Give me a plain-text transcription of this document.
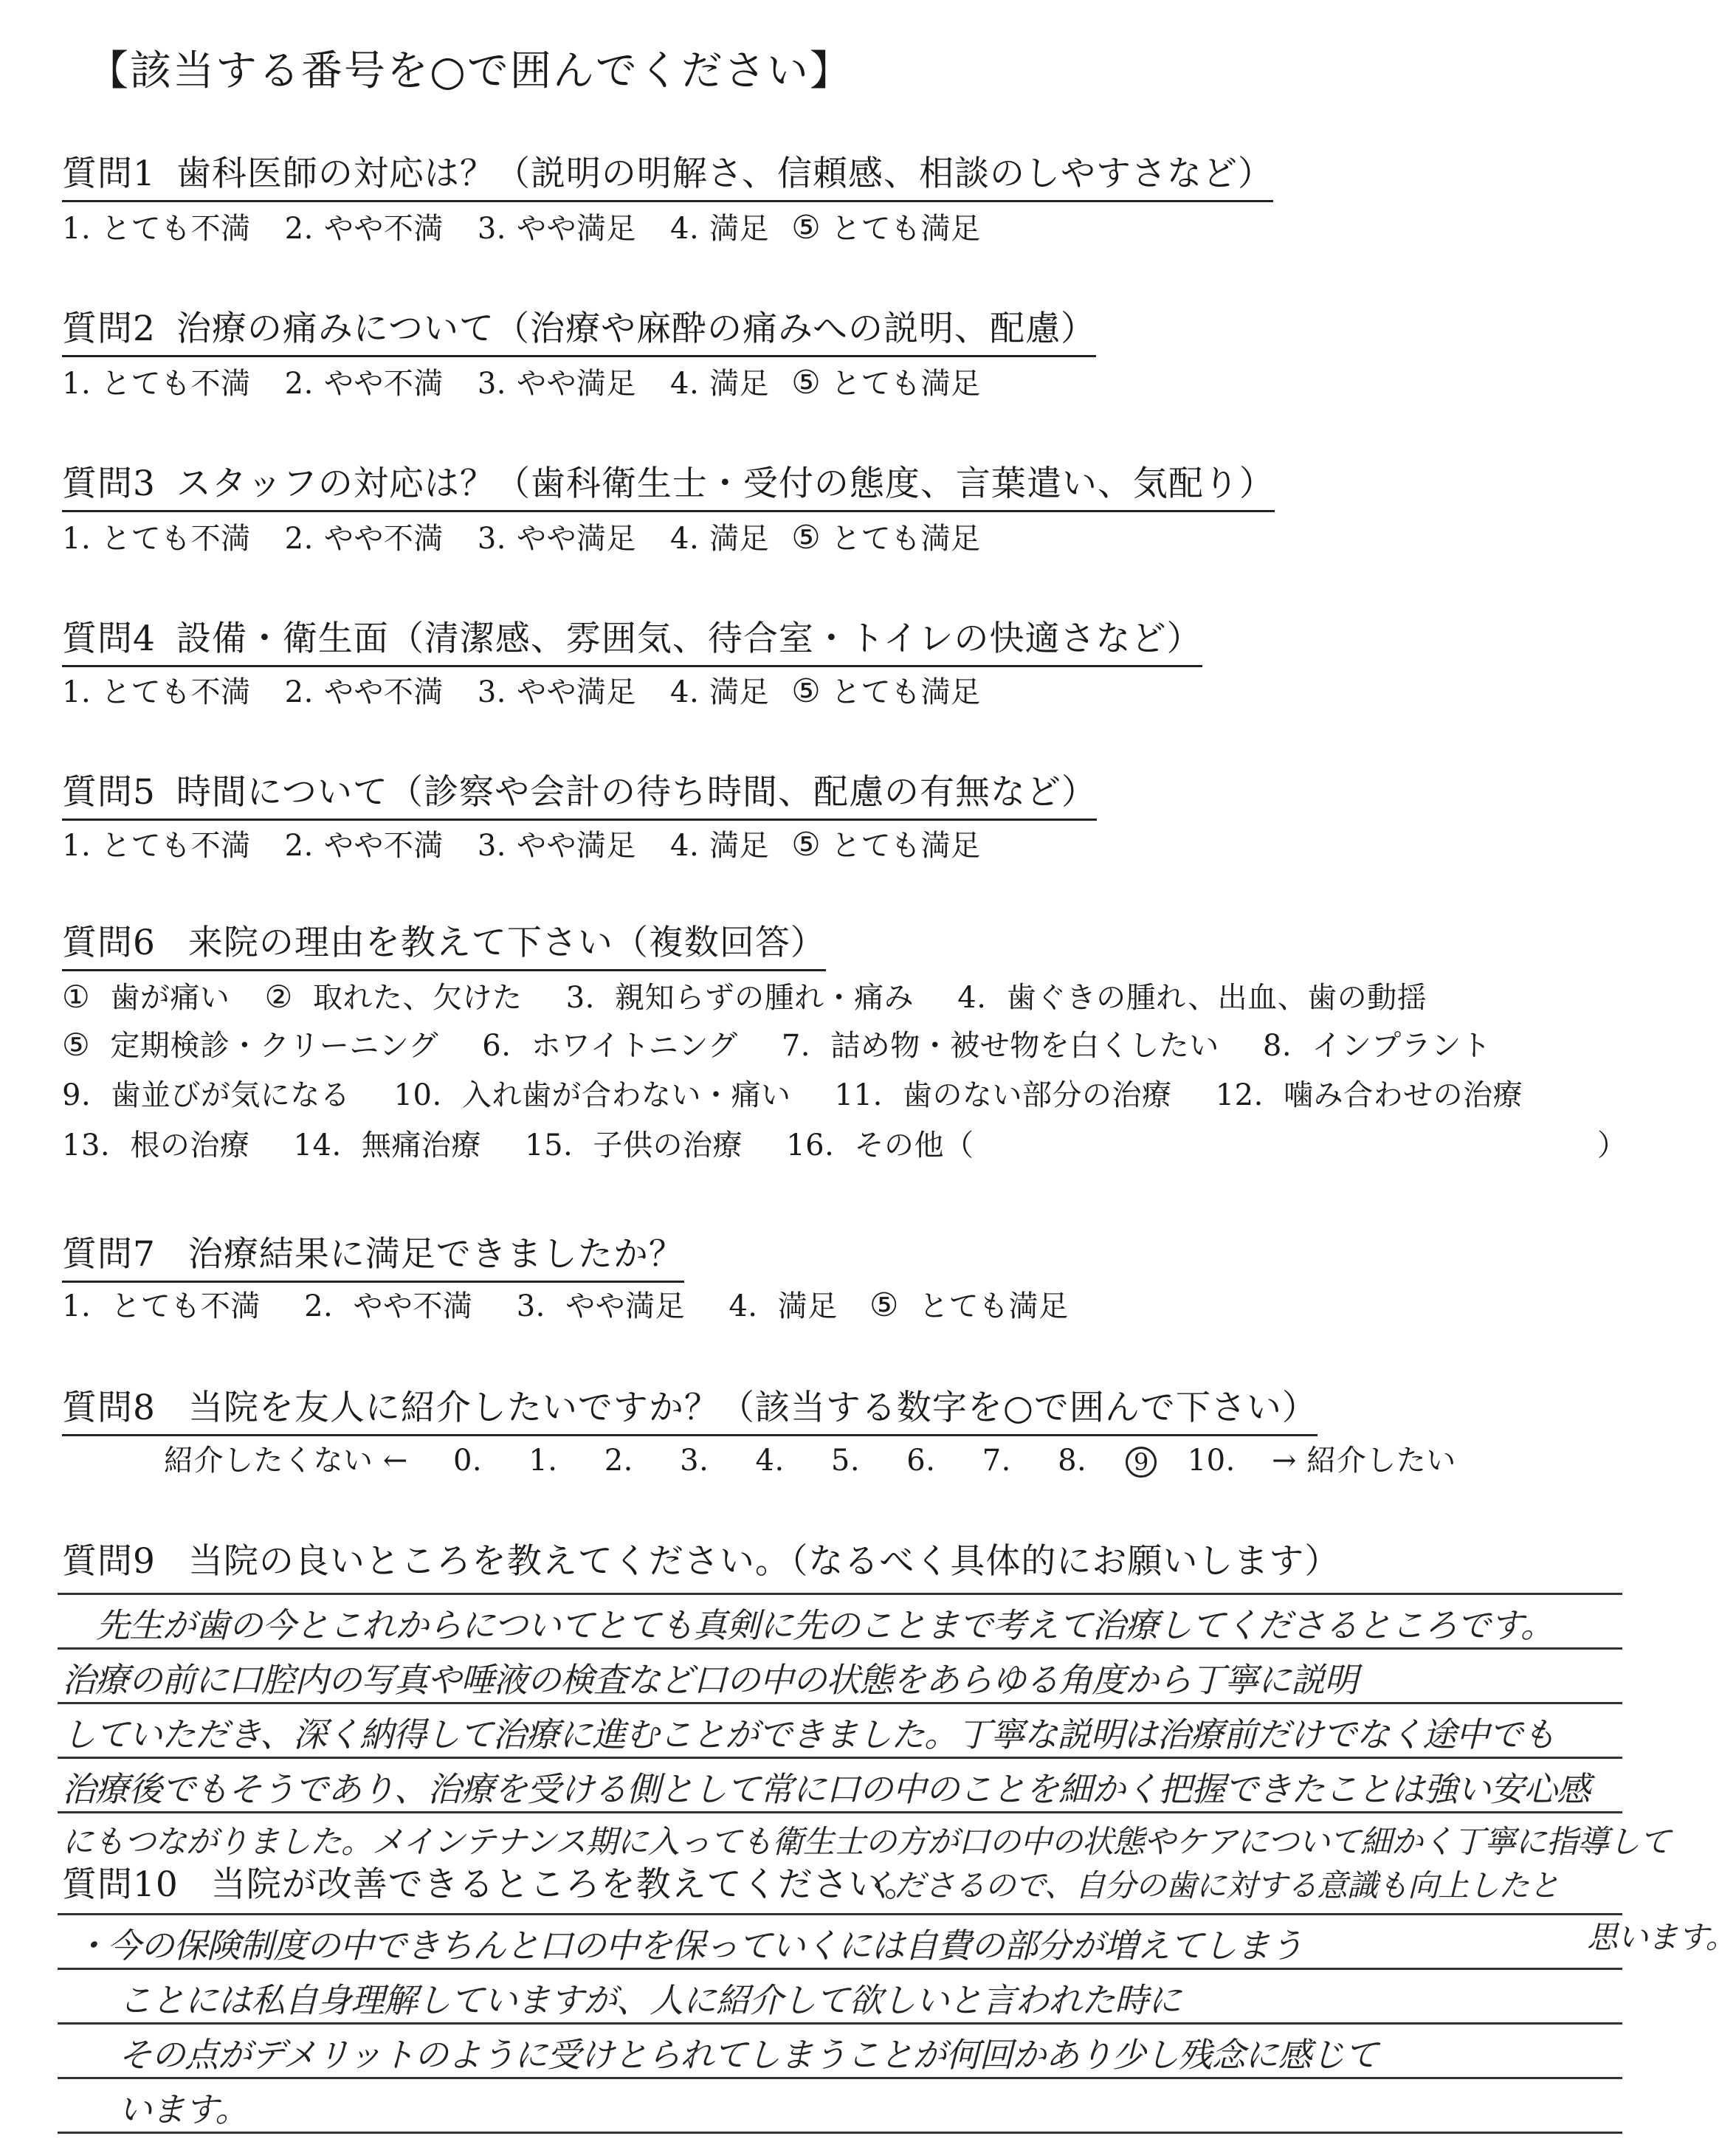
【該当する番号を○で囲んでください】
質問1 歯科医師の対応は？（説明の明解さ、信頼感、相談のしやすさなど）
1. とても不満 2. やや不満 3. やや満足 4. 満足 ⑤ とても満足
質問2 治療の痛みについて（治療や麻酔の痛みへの説明、配慮）
1. とても不満 2. やや不満 3. やや満足 4. 満足 ⑤ とても満足
質問3 スタッフの対応は？（歯科衛生士・受付の態度、言葉遣い、気配り）
1. とても不満 2. やや不満 3. やや満足 4. 満足 ⑤ とても満足
質問4 設備・衛生面（清潔感、雰囲気、待合室・トイレの快適さなど）
1. とても不満 2. やや不満 3. やや満足 4. 満足 ⑤ とても満足
質問5 時間について（診察や会計の待ち時間、配慮の有無など）
1. とても不満 2. やや不満 3. やや満足 4. 満足 ⑤ とても満足
質問6 来院の理由を教えて下さい（複数回答）
① 歯が痛い ② 取れた、欠けた 3. 親知らずの腫れ・痛み 4. 歯ぐきの腫れ、出血、歯の動揺
⑤ 定期検診・クリーニング 6. ホワイトニング 7. 詰め物・被せ物を白くしたい 8. インプラント
9. 歯並びが気になる 10. 入れ歯が合わない・痛い 11. 歯のない部分の治療 12. 噛み合わせの治療
13. 根の治療 14. 無痛治療 15. 子供の治療 16. その他（	）
質問7 治療結果に満足できましたか？
1. とても不満 2. やや不満 3. やや満足 4. 満足 ⑤ とても満足
質問8 当院を友人に紹介したいですか？（該当する数字を○で囲んで下さい）
紹介したくない ← 0. 1. 2. 3. 4. 5. 6. 7. 8. 9 10. → 紹介したい
質問9 当院の良いところを教えてください。（なるべく具体的にお願いします）
先生が歯の今とこれからについてとても真剣に先のことまで考えて治療してくださるところです。
治療の前に口腔内の写真や唾液の検査など口の中の状態をあらゆる角度から丁寧に説明
していただき、深く納得して治療に進むことができました。丁寧な説明は治療前だけでなく途中でも
治療後でもそうであり、治療を受ける側として常に口の中のことを細かく把握できたことは強い安心感
にもつながりました。メインテナンス期に入っても衛生士の方が口の中の状態やケアについて細かく丁寧に指導して
質問10 当院が改善できるところを教えてください。
くださるので、自分の歯に対する意識も向上したと
思います。
・今の保険制度の中できちんと口の中を保っていくには自費の部分が増えてしまう
ことには私自身理解していますが、人に紹介して欲しいと言われた時に
その点がデメリットのように受けとられてしまうことが何回かあり少し残念に感じて
います。
